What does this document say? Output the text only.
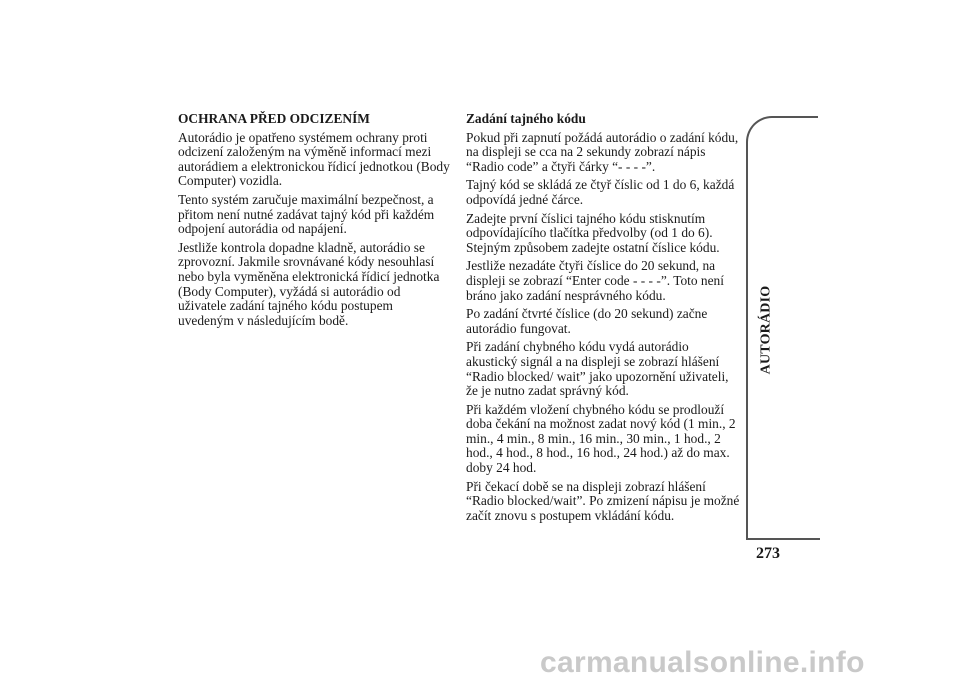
OCHRANA PŘED ODCIZENÍM

Autorádio je opatřeno systémem ochrany proti odcizení založeným na výměně informací mezi autorádiem a elektronickou řídicí jednotkou (Body Computer) vozidla.

Tento systém zaručuje maximální bezpečnost, a přitom není nutné zadávat tajný kód při každém odpojení autorádia od napájení.

Jestliže kontrola dopadne kladně, autorádio se zprovozní. Jakmile srovnávané kódy nesouhlasí nebo byla vyměněna elektronická řídicí jednotka (Body Computer), vyžádá si autorádio od uživatele zadání tajného kódu postupem uvedeným v následujícím bodě.

Zadání tajného kódu

Pokud při zapnutí požádá autorádio o zadání kódu, na displeji se cca na 2 sekundy zobrazí nápis “Radio code” a čtyři čárky “- - - -”.

Tajný kód se skládá ze čtyř číslic od 1 do 6, každá odpovídá jedné čárce.

Zadejte první číslici tajného kódu stisknutím odpovídajícího tlačítka předvolby (od 1 do 6). Stejným způsobem zadejte ostatní číslice kódu.

Jestliže nezadáte čtyři číslice do 20 sekund, na displeji se zobrazí “Enter code - - - -”. Toto není bráno jako zadání nesprávného kódu.

Po zadání čtvrté číslice (do 20 sekund) začne autorádio fungovat.

Při zadání chybného kódu vydá autorádio akustický signál a na displeji se zobrazí hlášení “Radio blocked/ wait” jako upozornění uživateli, že je nutno zadat správný kód.

Při každém vložení chybného kódu se prodlouží doba čekání na možnost zadat nový kód (1 min., 2 min., 4 min., 8 min., 16 min., 30 min., 1 hod., 2 hod., 4 hod., 8 hod., 16 hod., 24 hod.) až do max. doby 24 hod.

Při čekací době se na displeji zobrazí hlášení “Radio blocked/wait”. Po zmizení nápisu je možné začít znovu s postupem vkládání kódu.

AUTORÁDIO
273
carmanualsonline.info
